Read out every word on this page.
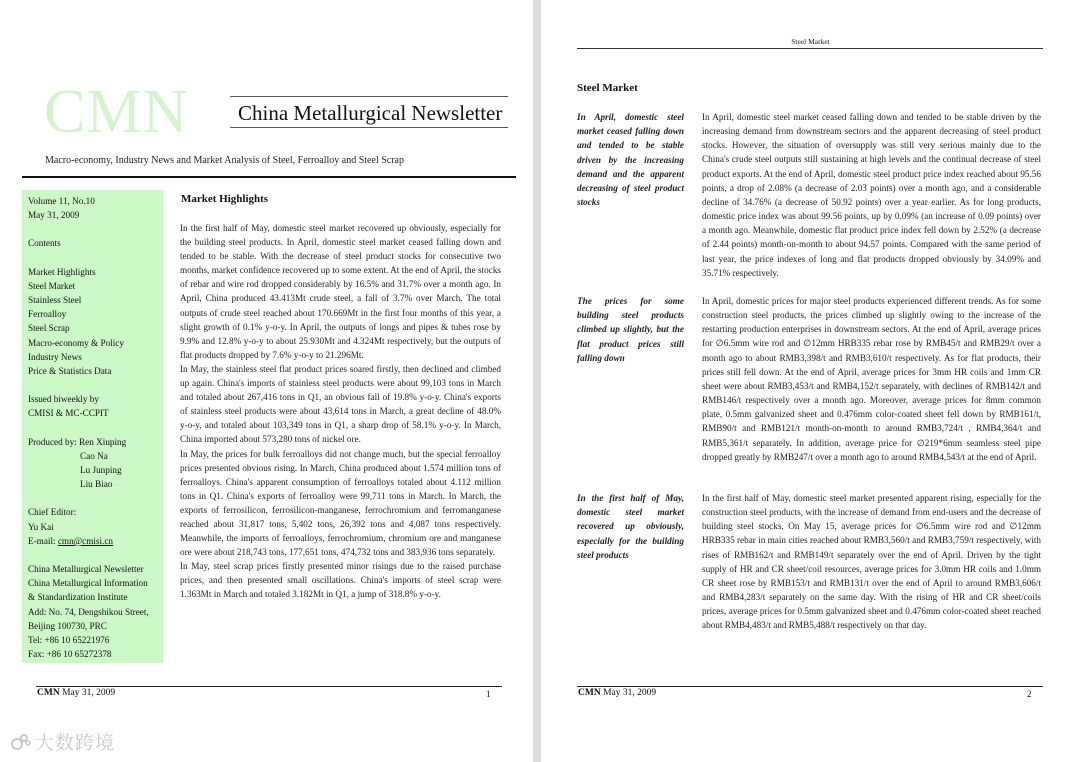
CMN China Metallurgical Newsletter
Macro-economy, Industry News and Market Analysis of Steel, Ferroalloy and Steel Scrap
Volume 11, No.10
May 31, 2009
Contents
Market Highlights
Steel Market
Stainless Steel
Ferroalloy
Steel Scrap
Macro-economy & Policy
Industry News
Price & Statistics Data
Issued biweekly by
CMISI & MC-CCPIT
Produced by: Ren Xiuping
Cao Na
Lu Junping
Liu Biao
Chief Editor:
Yu Kai
E-mail: cmn@cmisi.cn
China Metallurgical Newsletter
China Metallurgical Information
& Standardization Institute
Add: No. 74, Dengshikou Street,
Beijing 100730, PRC
Tel: +86 10 65221976
Fax: +86 10 65272378
Market Highlights

In the first half of May, domestic steel market recovered up obviously, especially for the building steel products. In April, domestic steel market ceased falling down and tended to be stable. With the decrease of steel product stocks for consecutive two months, market confidence recovered up to some extent. At the end of April, the stocks of rebar and wire rod dropped considerably by 16.5% and 31.7% over a month ago. In April, China produced 43.413Mt crude steel, a fall of 3.7% over March. The total outputs of crude steel reached about 170.669Mt in the first four months of this year, a slight growth of 0.1% y-o-y. In April, the outputs of longs and pipes & tubes rose by 9.9% and 12.8% y-o-y to about 25.930Mt and 4.324Mt respectively, but the outputs of flat products dropped by 7.6% y-o-y to 21.296Mt.

In May, the stainless steel flat product prices soared firstly, then declined and climbed up again. China's imports of stainless steel products were about 99,103 tons in March and totaled about 267,416 tons in Q1, an obvious fall of 19.8% y-o-y. China's exports of stainless steel products were about 43,614 tons in March, a great decline of 48.0% y-o-y, and totaled about 103,349 tons in Q1, a sharp drop of 58.1% y-o-y. In March, China imported about 573,280 tons of nickel ore.

In May, the prices for bulk ferroalloys did not change much, but the special ferroalloy prices presented obvious rising. In March, China produced about 1.574 million tons of ferroalloys. China's apparent consumption of ferroalloys totaled about 4.112 million tons in Q1. China's exports of ferroalloy were 99,711 tons in March. In March, the exports of ferrosilicon, ferrosilicon-manganese, ferrochromium and ferromanganese reached about 31,817 tons, 5,402 tons, 26,392 tons and 4,087 tons respectively. Meanwhile, the imports of ferroalloys, ferrochromium, chromium ore and manganese ore were about 218,743 tons, 177,651 tons, 474,732 tons and 383,936 tons separately.

In May, steel scrap prices firstly presented minor risings due to the raised purchase prices, and then presented small oscillations. China's imports of steel scrap were 1.363Mt in March and totaled 3.182Mt in Q1, a jump of 318.8% y-o-y.

CMN May 31, 2009	1
大数跨境
Steel Market
Steel Market
In April, domestic steel market ceased falling down and tended to be stable driven by the increasing demand and the apparent decreasing of steel product stocks
In April, domestic steel market ceased falling down and tended to be stable driven by the increasing demand from downstream sectors and the apparent decreasing of steel product stocks. However, the situation of oversupply was still very serious mainly due to the China's crude steel outputs still sustaining at high levels and the continual decrease of steel product exports. At the end of April, domestic steel product price index reached about 95.56 points, a drop of 2.08% (a decrease of 2.03 points) over a month ago, and a considerable decline of 34.76% (a decrease of 50.92 points) over a year earlier. As for long products, domestic price index was about 99.56 points, up by 0.09% (an increase of 0.09 points) over a month ago. Meanwhile, domestic flat product price index fell down by 2.52% (a decrease of 2.44 points) month-on-month to about 94.57 points. Compared with the same period of last year, the price indexes of long and flat products dropped obviously by 34.09% and 35.71% respectively.
The prices for some building steel products climbed up slightly, but the flat product prices still falling down
In April, domestic prices for major steel products experienced different trends. As for some construction steel products, the prices climbed up slightly owing to the increase of the restarting production enterprises in downstream sectors. At the end of April, average prices for ∅6.5mm wire rod and ∅12mm HRB335 rebar rose by RMB45/t and RMB29/t over a month ago to about RMB3,398/t and RMB3,610/t respectively. As for flat products, their prices still fell down. At the end of April, average prices for 3mm HR coils and 1mm CR sheet were about RMB3,453/t and RMB4,152/t separately, with declines of RMB142/t and RMB146/t respectively over a month ago. Moreover, average prices for 8mm common plate, 0.5mm galvanized sheet and 0.476mm color-coated sheet fell down by RMB161/t, RMB90/t and RMB121/t month-on-month to around RMB3,724/t , RMB4,364/t and RMB5,361/t separately. In addition, average price for ∅219*6mm seamless steel pipe dropped greatly by RMB247/t over a month ago to around RMB4,543/t at the end of April.
In the first half of May, domestic steel market recovered up obviously, especially for the building steel products
In the first half of May, domestic steel market presented apparent rising, especially for the construction steel products, with the increase of demand from end-users and the decrease of building steel stocks. On May 15, average prices for ∅6.5mm wire rod and ∅12mm HRB335 rebar in main cities reached about RMB3,560/t and RMB3,759/t respectively, with rises of RMB162/t and RMB149/t separately over the end of April. Driven by the tight supply of HR and CR sheet/coil resources, average prices for 3.0mm HR coils and 1.0mm CR sheet rose by RMB153/t and RMB131/t over the end of April to around RMB3,606/t and RMB4,283/t separately on the same day. With the rising of HR and CR sheet/coils prices, average prices for 0.5mm galvanized sheet and 0.476mm color-coated sheet reached about RMB4,483/t and RMB5,488/t respectively on that day.
CMN May 31, 2009	2
